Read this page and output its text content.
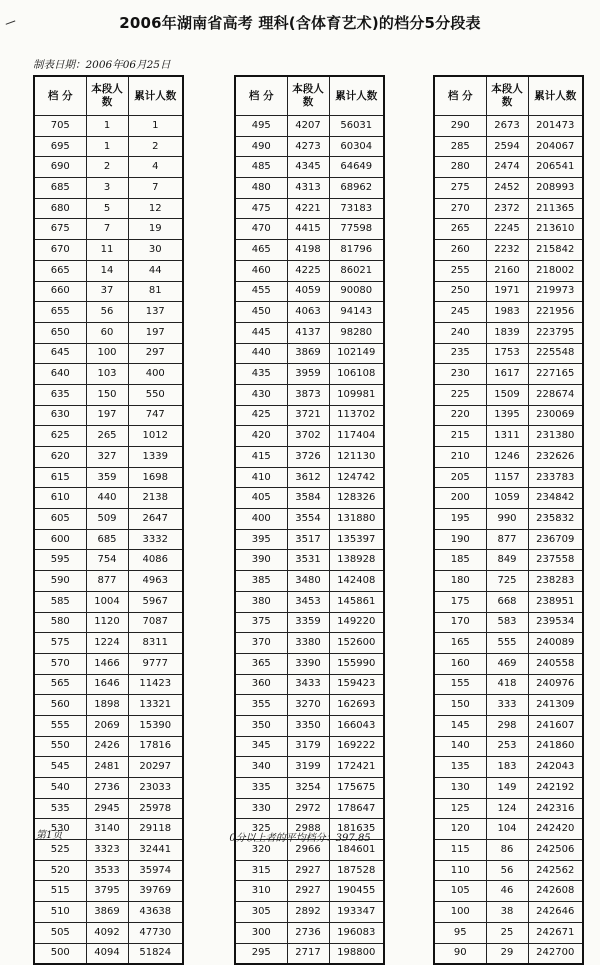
2006年湖南省高考 理科(含体育艺术)的档分5分段表
制表日期：2006年06月25日
档 分	本段人数	累计人数
705	1	1
695	1	2
690	2	4
685	3	7
680	5	12
675	7	19
670	11	30
665	14	44
660	37	81
655	56	137
650	60	197
645	100	297
640	103	400
635	150	550
630	197	747
625	265	1012
620	327	1339
615	359	1698
610	440	2138
605	509	2647
600	685	3332
595	754	4086
590	877	4963
585	1004	5967
580	1120	7087
575	1224	8311
570	1466	9777
565	1646	11423
560	1898	13321
555	2069	15390
550	2426	17816
545	2481	20297
540	2736	23033
535	2945	25978
530	3140	29118
525	3323	32441
520	3533	35974
515	3795	39769
510	3869	43638
505	4092	47730
500	4094	51824
档 分	本段人数	累计人数
495	4207	56031
490	4273	60304
485	4345	64649
480	4313	68962
475	4221	73183
470	4415	77598
465	4198	81796
460	4225	86021
455	4059	90080
450	4063	94143
445	4137	98280
440	3869	102149
435	3959	106108
430	3873	109981
425	3721	113702
420	3702	117404
415	3726	121130
410	3612	124742
405	3584	128326
400	3554	131880
395	3517	135397
390	3531	138928
385	3480	142408
380	3453	145861
375	3359	149220
370	3380	152600
365	3390	155990
360	3433	159423
355	3270	162693
350	3350	166043
345	3179	169222
340	3199	172421
335	3254	175675
330	2972	178647
325	2988	181635
320	2966	184601
315	2927	187528
310	2927	190455
305	2892	193347
300	2736	196083
295	2717	198800
档 分	本段人数	累计人数
290	2673	201473
285	2594	204067
280	2474	206541
275	2452	208993
270	2372	211365
265	2245	213610
260	2232	215842
255	2160	218002
250	1971	219973
245	1983	221956
240	1839	223795
235	1753	225548
230	1617	227165
225	1509	228674
220	1395	230069
215	1311	231380
210	1246	232626
205	1157	233783
200	1059	234842
195	990	235832
190	877	236709
185	849	237558
180	725	238283
175	668	238951
170	583	239534
165	555	240089
160	469	240558
155	418	240976
150	333	241309
145	298	241607
140	253	241860
135	183	242043
130	149	242192
125	124	242316
120	104	242420
115	86	242506
110	56	242562
105	46	242608
100	38	242646
95	25	242671
90	29	242700
第1页	0分以上者的平均档分：397.85
